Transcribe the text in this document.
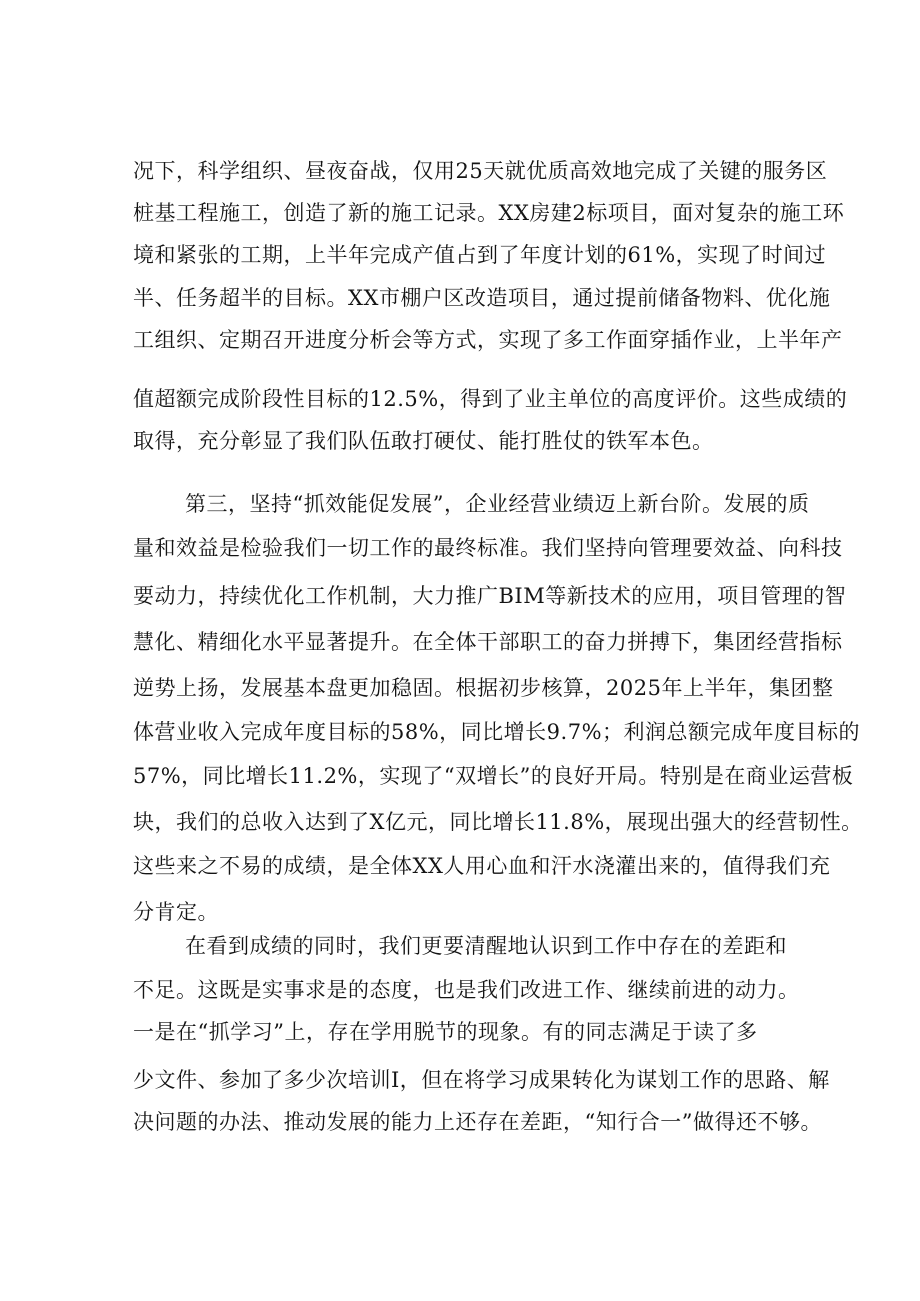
况下，科学组织、昼夜奋战，仅用25天就优质高效地完成了关键的服务区
桩基工程施工，创造了新的施工记录。XX房建2标项目，面对复杂的施工环
境和紧张的工期，上半年完成产值占到了年度计划的61%，实现了时间过
半、任务超半的目标。XX市棚户区改造项目，通过提前储备物料、优化施
工组织、定期召开进度分析会等方式，实现了多工作面穿插作业，上半年产
值超额完成阶段性目标的12.5%，得到了业主单位的高度评价。这些成绩的
取得，充分彰显了我们队伍敢打硬仗、能打胜仗的铁军本色。
第三，坚持“抓效能促发展”，企业经营业绩迈上新台阶。发展的质
量和效益是检验我们一切工作的最终标准。我们坚持向管理要效益、向科技
要动力，持续优化工作机制，大力推广BIM等新技术的应用，项目管理的智
慧化、精细化水平显著提升。在全体干部职工的奋力拼搏下，集团经营指标
逆势上扬，发展基本盘更加稳固。根据初步核算，2025年上半年，集团整
体营业收入完成年度目标的58%，同比增长9.7%；利润总额完成年度目标的
57%，同比增长11.2%，实现了“双增长”的良好开局。特别是在商业运营板
块，我们的总收入达到了X亿元，同比增长11.8%，展现出强大的经营韧性。
这些来之不易的成绩，是全体XX人用心血和汗水浇灌出来的，值得我们充
分肯定。
在看到成绩的同时，我们更要清醒地认识到工作中存在的差距和
不足。这既是实事求是的态度，也是我们改进工作、继续前进的动力。
一是在“抓学习”上，存在学用脱节的现象。有的同志满足于读了多
少文件、参加了多少次培训I，但在将学习成果转化为谋划工作的思路、解
决问题的办法、推动发展的能力上还存在差距，“知行合一”做得还不够。
